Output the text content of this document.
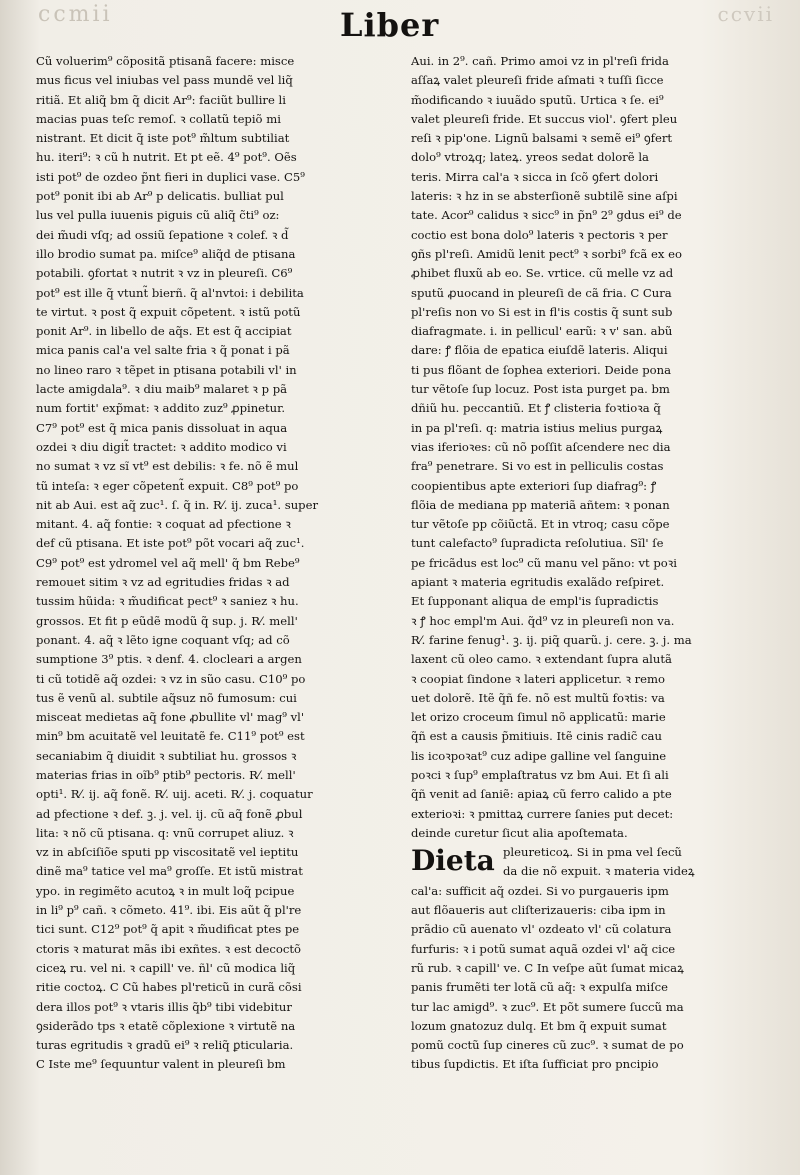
ccmii	ccvii
Liber
Cũ voluerim⁹ cõpositã ptisanã facere: misce
mus ficus vel iniubas vel pass mundẽ vel liq̃
ritiã. Et aliq̃ bm q̃ dicit Ar⁹: faciũt bullire li
macias puas teſc remoſ. ꝛ collatũ tepiõ mi
nistrant. Et dicit q̃ iste pot⁹ m̃ltum subtiliat
hu. iteri⁹: ꝛ cũ h nutrit. Et pt eẽ. 4⁹ pot⁹. Oẽs
isti pot⁹ de ozdeo p̃nt fieri in duplici vase. C5⁹
pot⁹ ponit ibi ab Ar⁹ p delicatis. bulliat pul
lus vel pulla iuuenis piguis cũ aliq̃ c̃ti⁹ oz:
dei m̃udi vſq; ad ossiũ ſepatione ꝛ colef. ꝛ d̃
illo brodio sumat pa. miſce⁹ aliq̃d de ptisana
potabili. ꝯfortat ꝛ nutrit ꝛ vz in pleureſi. C6⁹
pot⁹ est ille q̃ vtunt̃ bierñ. q̃ al'nvtoi: i debilita
te virtut. ꝛ post q̃ expuit cõpetent. ꝛ istũ potũ
ponit Ar⁹. in libello de aq̃s. Et est q̃ accipiat
mica panis cal'a vel salte fria ꝛ q̃ ponat i pã
no lineo raro ꝛ tẽpet in ptisana potabili vl' in
lacte amigdala⁹. ꝛ diu maib⁹ malaret ꝛ p pã
num fortit' exp̃mat: ꝛ addito zuz⁹ ꝓpinetur.
C7⁹ pot⁹ est q̃ mica panis dissoluat in aqua
ozdei ꝛ diu digit̃ tractet: ꝛ addito modico vi
no sumat ꝛ vz sĩ vt⁹ est debilis: ꝛ fe. nõ ẽ mul
tũ inteſa: ꝛ eger cõpetent̃ expuit. C8⁹ pot⁹ po
nit ab Aui. est aq̃ zuc¹. ſ. q̃ in. R⁄. ij. zuca¹. super
mitant. 4. aq̃ fontie: ꝛ coquat ad pfectione ꝛ
def cũ ptisana. Et iste pot⁹ põt vocari aq̃ zuc¹.
C9⁹ pot⁹ est ydromel vel aq̃ mell' q̃ bm Rebe⁹
remouet sitim ꝛ vz ad egritudies fridas ꝛ ad
tussim hũida: ꝛ m̃udificat pect⁹ ꝛ saniez ꝛ hu.
grossos. Et fit p eũdẽ modũ q̃ sup. j. R⁄. mell'
ponant. 4. aq̃ ꝛ lẽto igne coquant vſq; ad cõ
sumptione 3⁹ ptis. ꝛ denf. 4. clocleari a argen
ti cũ totidẽ aq̃ ozdei: ꝛ vz in sũo casu. C10⁹ po
tus ẽ venũ al. subtile aq̃suz nõ fumosum: cui
misceat medietas aq̃ fone ꝓbullite vl' mag⁹ vl'
min⁹ bm acuitatẽ vel leuitatẽ fe. C11⁹ pot⁹ est
secaniabim q̃ diuidit ꝛ subtiliat hu. grossos ꝛ
materias frias in oĩb⁹ ptib⁹ pectoris. R⁄. mell'
opti¹. R⁄. ij. aq̃ fonẽ. R⁄. uij. aceti. R⁄. j. coquatur
ad pfectione ꝛ def. ꝫ. j. vel. ij. cũ aq̃ fonẽ ꝓbul
lita: ꝛ nõ cũ ptisana. q: vnũ corrupet aliuz. ꝛ
vz in abſciſiõe sputi pp viscositatẽ vel ieptitu
dinẽ ma⁹ tatice vel ma⁹ groſſe. Et istũ mistrat
ypo. in regimẽto acutoꝝ ꝛ in mult loq̃ pcipue
in li⁹ p⁹ cañ. ꝛ cõmeto. 41⁹. ibi. Eis aũt q̃ pl're
tici sunt. C12⁹ pot⁹ q̃ apit ꝛ m̃udificat ptes pe
ctoris ꝛ maturat mãs ibi exñtes. ꝛ est decoctõ
ciceꝝ ru. vel ni. ꝛ capill' ve. ñl' cũ modica liq̃
ritie coctoꝝ. C Cũ habes pl'reticũ in curã cõsi
dera illos pot⁹ ꝛ vtaris illis q̃b⁹ tibi videbitur
ꝯsiderãdo tps ꝛ etatẽ cõplexione ꝛ virtutẽ na
turas egritudis ꝛ gradũ ei⁹ ꝛ reliq̃ ꝑticularia.
C Iste me⁹ ſequuntur valent in pleureſi bm
Aui. in 2⁹. cañ. Primo amoi vz in pl'reſi frida
aſſaꝝ valet pleureſi fride aſmati ꝛ tuſſi ſicce
m̃odificando ꝛ iuuãdo sputũ. Urtica ꝛ ſe. ei⁹
valet pleureſi fride. Et succus viol'. ꝯfert pleu
reſi ꝛ pip'one. Lignũ balsami ꝛ semẽ ei⁹ ꝯfert
dolo⁹ vtroꝝq; lateꝝ. yreos sedat dolorẽ la
teris. Mirra cal'a ꝛ sicca in ſcõ ꝯfert dolori
lateris: ꝛ hz in se absterſionẽ subtilẽ sine aſpi
tate. Acor⁹ calidus ꝛ sicc⁹ in p̃n⁹ 2⁹ gdus ei⁹ de
coctio est bona dolo⁹ lateris ꝛ pectoris ꝛ per
ꝯñs pl'reſi. Amidũ lenit pect⁹ ꝛ sorbi⁹ fcã ex eo
ꝓhibet fluxũ ab eo. Se. vrtice. cũ melle vz ad
sputũ ꝓuocand in pleureſi de cã fria. C Cura
pl'reſis non vo Si est in fl'is costis q̃ sunt sub
diafragmate. i. in pellicul' earũ: ꝛ v' san. abũ
dare: ꝭ flõia de epatica eiuſdẽ lateris. Aliqui
ti pus flõant de ſophea exteriori. Deide pona
tur vẽtoſe ſup locuz. Post ista purget pa. bm
dñiũ hu. peccantiũ. Et ꝭ clisteria foꝛtioꝛa q̃
in pa pl'reſi. q: matria istius melius purgaꝝ
vias iferioꝛes: cũ nõ poſſit aſcendere nec dia
fra⁹ penetrare. Si vo est in pelliculis costas
coopientibus apte exteriori ſup diafrag⁹: ꝭ
flõia de mediana pp materiã añtem: ꝛ ponan
tur vẽtoſe pp cõiũctã. Et in vtroq; casu cõpe
tunt calefacto⁹ ſupradicta reſolutiua. Sĩl' ſe
pe fricãdus est loc⁹ cũ manu vel pãno: vt poꝛi
apiant ꝛ materia egritudis exalãdo reſpiret.
Et ſupponant aliqua de empl'is ſupradictis
ꝛ ꝭ hoc empl'm Aui. q̃d⁹ vz in pleureſi non va.
R⁄. farine fenug¹. ꝫ. ij. piq̃ quarũ. j. cere. ꝫ. j. ma
laxent cũ oleo camo. ꝛ extendant ſupra alutã
ꝛ coopiat ſindone ꝛ lateri applicetur. ꝛ remo
uet dolorẽ. Itẽ q̃ñ fe. nõ est multũ foꝛtis: va
let orizo croceum ſimul nõ applicatũ: marie
q̃ñ est a causis p̃mitiuis. Itẽ cinis radic̃ cau
lis icoꝛpoꝛat⁹ cuz adipe galline vel ſanguine
poꝛci ꝛ ſup⁹ emplaſtratus vz bm Aui. Et ſi ali
q̃ñ venit ad ſaniẽ: apiaꝝ cũ ferro calido a pte
exterioꝛi: ꝛ pmittaꝝ currere ſanies put decet:
deinde curetur ſicut alia apoſtemata.
Dieta pleureticoꝝ. Si in pma vel ſecũ
da die nõ expuit. ꝛ materia videꝝ
cal'a: sufficit aq̃ ozdei. Si vo purgaueris ipm
aut flõaueris aut cliſterizaueris: ciba ipm in
prãdio cũ auenato vl' ozdeato vl' cũ colatura
furfuris: ꝛ i potũ sumat aquã ozdei vl' aq̃ cice
rũ rub. ꝛ capill' ve. C In veſpe aũt ſumat micaꝝ
panis frumẽti ter lotã cũ aq̃: ꝛ expulſa miſce
tur lac amigd⁹. ꝛ zuc⁹. Et põt sumere ſuccũ ma
lozum gnatozuz dulq. Et bm q̃ expuit sumat
pomũ coctũ ſup cineres cũ zuc⁹. ꝛ sumat de po
tibus ſupdictis. Et iſta ſufficiat pro pncipio
